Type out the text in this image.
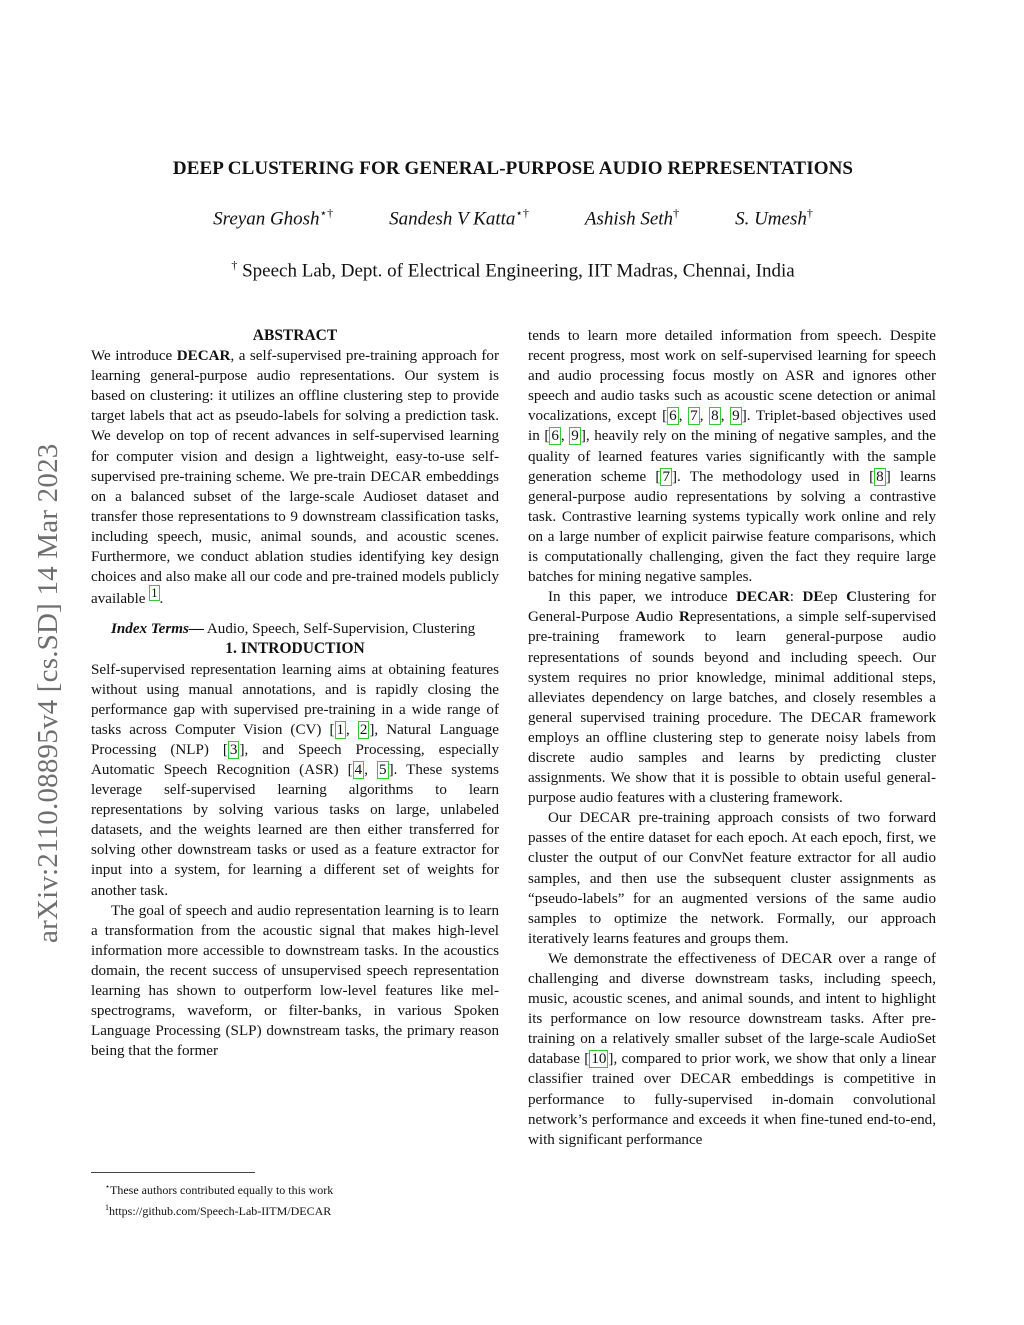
arXiv:2110.08895v4 [cs.SD] 14 Mar 2023
DEEP CLUSTERING FOR GENERAL-PURPOSE AUDIO REPRESENTATIONS
Sreyan Ghosh⋆†	Sandesh V Katta⋆†	Ashish Seth†	S. Umesh†
† Speech Lab, Dept. of Electrical Engineering, IIT Madras, Chennai, India

ABSTRACT

We introduce DECAR, a self-supervised pre-training approach for learning general-purpose audio representations. Our system is based on clustering: it utilizes an offline clustering step to provide target labels that act as pseudo-labels for solving a prediction task. We develop on top of recent advances in self-supervised learning for computer vision and design a lightweight, easy-to-use self-supervised pre-training scheme. We pre-train DECAR embeddings on a balanced subset of the large-scale Audioset dataset and transfer those representations to 9 downstream classification tasks, including speech, music, animal sounds, and acoustic scenes. Furthermore, we conduct ablation studies identifying key design choices and also make all our code and pre-trained models publicly available $^1$ .

Index Terms— Audio, Speech, Self-Supervision, Clustering

1. INTRODUCTION

Self-supervised representation learning aims at obtaining features without using manual annotations, and is rapidly closing the performance gap with supervised pre-training in a wide range of tasks across Computer Vision (CV) [ 1 , 2 ], Natural Language Processing (NLP) [ 3 ], and Speech Processing, especially Automatic Speech Recognition (ASR) [ 4 , 5 ]. These systems leverage self-supervised learning algorithms to learn representations by solving various tasks on large, unlabeled datasets, and the weights learned are then either transferred for solving other downstream tasks or used as a feature extractor for input into a system, for learning a different set of weights for another task.

The goal of speech and audio representation learning is to learn a transformation from the acoustic signal that makes high-level information more accessible to downstream tasks. In the acoustics domain, the recent success of unsupervised speech representation learning has shown to outperform low-level features like mel-spectrograms, waveform, or filter-banks, in various Spoken Language Processing (SLP) downstream tasks, the primary reason being that the former

tends to learn more detailed information from speech. Despite recent progress, most work on self-supervised learning for speech and audio processing focus mostly on ASR and ignores other speech and audio tasks such as acoustic scene detection or animal vocalizations, except [ 6 , 7 , 8 , 9 ]. Triplet-based objectives used in [ 6 , 9 ], heavily rely on the mining of negative samples, and the quality of learned features varies significantly with the sample generation scheme [ 7 ]. The methodology used in [ 8 ] learns general-purpose audio representations by solving a contrastive task. Contrastive learning systems typically work online and rely on a large number of explicit pairwise feature comparisons, which is computationally challenging, given the fact they require large batches for mining negative samples.

In this paper, we introduce DECAR: DEep Clustering for General-Purpose Audio Representations, a simple self-supervised pre-training framework to learn general-purpose audio representations of sounds beyond and including speech. Our system requires no prior knowledge, minimal additional steps, alleviates dependency on large batches, and closely resembles a general supervised training procedure. The DECAR framework employs an offline clustering step to generate noisy labels from discrete audio samples and learns by predicting cluster assignments. We show that it is possible to obtain useful general-purpose audio features with a clustering framework.

Our DECAR pre-training approach consists of two forward passes of the entire dataset for each epoch. At each epoch, first, we cluster the output of our ConvNet feature extractor for all audio samples, and then use the subsequent cluster assignments as “pseudo-labels” for an augmented versions of the same audio samples to optimize the network. Formally, our approach iteratively learns features and groups them.

We demonstrate the effectiveness of DECAR over a range of challenging and diverse downstream tasks, including speech, music, acoustic scenes, and animal sounds, and intent to highlight its performance on low resource downstream tasks. After pre-training on a relatively smaller subset of the large-scale AudioSet database [ 10 ], compared to prior work, we show that only a linear classifier trained over DECAR embeddings is competitive in performance to fully-supervised in-domain convolutional network’s performance and exceeds it when fine-tuned end-to-end, with significant performance

⋆These authors contributed equally to this work
$^1$https://github.com/Speech-Lab-IITM/DECAR
